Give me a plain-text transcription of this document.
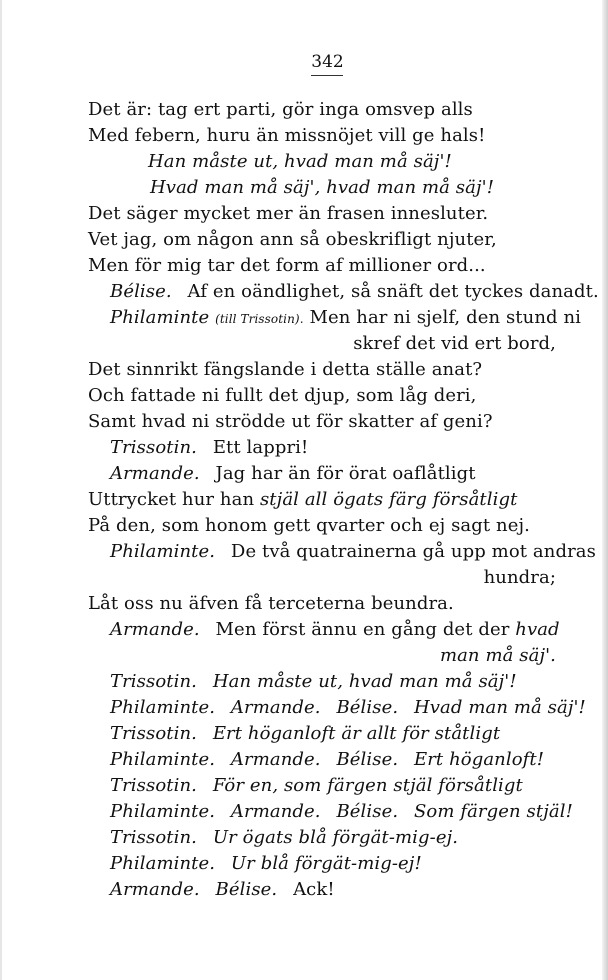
342
Det är: tag ert parti, gör inga omsvep alls
Med febern, huru än missnöjet vill ge hals!
Han måste ut, hvad man må säj'!
Hvad man må säj', hvad man må säj'!
Det säger mycket mer än frasen innesluter.
Vet jag, om någon ann så obeskrifligt njuter,
Men för mig tar det form af millioner ord...
Bélise. Af en oändlighet, så snäft det tyckes danadt.
Philaminte (till Trissotin). Men har ni sjelf, den stund ni
skref det vid ert bord,
Det sinnrikt fängslande i detta ställe anat?
Och fattade ni fullt det djup, som låg deri,
Samt hvad ni strödde ut för skatter af geni?
Trissotin. Ett lappri!
Armande. Jag har än för örat oaflåtligt
Uttrycket hur han stjäl all ögats färg försåtligt
På den, som honom gett qvarter och ej sagt nej.
Philaminte. De två quatrainerna gå upp mot andras
hundra;
Låt oss nu äfven få terceterna beundra.
Armande. Men först ännu en gång det der hvad
man må säj'.
Trissotin. Han måste ut, hvad man må säj'!
Philaminte. Armande. Bélise. Hvad man må säj'!
Trissotin. Ert höganloft är allt för ståtligt
Philaminte. Armande. Bélise. Ert höganloft!
Trissotin. För en, som färgen stjäl försåtligt
Philaminte. Armande. Bélise. Som färgen stjäl!
Trissotin. Ur ögats blå förgät-mig-ej.
Philaminte. Ur blå förgät-mig-ej!
Armande. Bélise. Ack!
